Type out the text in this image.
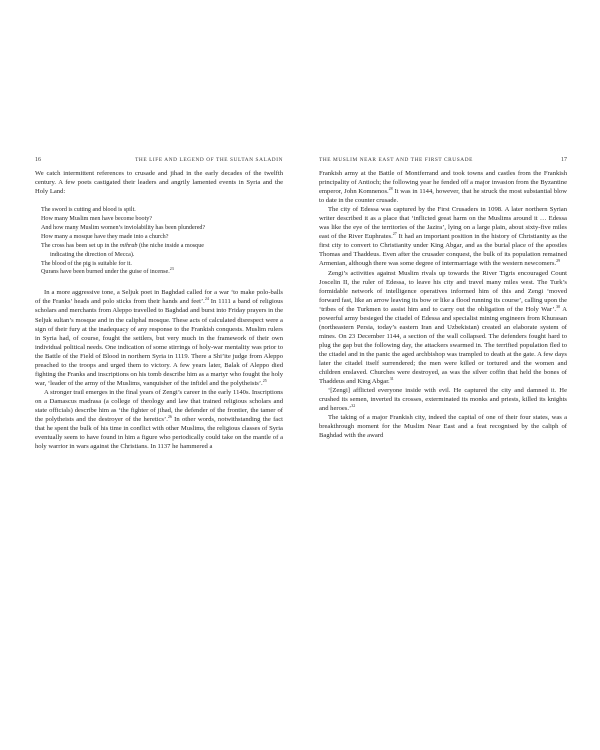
16	THE LIFE AND LEGEND OF THE SULTAN SALADIN

We catch intermittent references to crusade and jihad in the early decades of the twelfth century. A few poets castigated their leaders and angrily lamented events in Syria and the Holy Land:

The sword is cutting and blood is spilt.
How many Muslim men have become booty?
And how many Muslim women’s inviolability has been plundered?
How many a mosque have they made into a church?
The cross has been set up in the mihrab (the niche inside a mosque
indicating the direction of Mecca).
The blood of the pig is suitable for it.
Qurans have been burned under the guise of incense.$^{23}$

In a more aggressive tone, a Seljuk poet in Baghdad called for a war ‘to make polo-balls of the Franks’ heads and polo sticks from their hands and feet’.$^{24}$ In 1111 a band of religious scholars and merchants from Aleppo travelled to Baghdad and burst into Friday prayers in the Seljuk sultan’s mosque and in the caliphal mosque. These acts of calculated disrespect were a sign of their fury at the inadequacy of any response to the Frankish conquests. Muslim rulers in Syria had, of course, fought the settlers, but very much in the framework of their own individual political needs. One indication of some stirrings of holy-war mentality was prior to the Battle of the Field of Blood in northern Syria in 1119. There a Shi’ite judge from Aleppo preached to the troops and urged them to victory. A few years later, Balak of Aleppo died fighting the Franks and inscriptions on his tomb describe him as a martyr who fought the holy war, ‘leader of the army of the Muslims, vanquisher of the infidel and the polytheists’.$^{25}$

A stronger trail emerges in the final years of Zengi’s career in the early 1140s. Inscriptions on a Damascus madrasa (a college of theology and law that trained religious scholars and state officials) describe him as ‘the fighter of jihad, the defender of the frontier, the tamer of the polytheists and the destroyer of the heretics’.$^{26}$ In other words, notwithstanding the fact that he spent the bulk of his time in conflict with other Muslims, the religious classes of Syria eventually seem to have found in him a figure who periodically could take on the mantle of a holy warrior in wars against the Christians. In 1137 he hammered a

THE MUSLIM NEAR EAST AND THE FIRST CRUSADE	17

Frankish army at the Battle of Montferrand and took towns and castles from the Frankish principality of Antioch; the following year he fended off a major invasion from the Byzantine emperor, John Komnenos.$^{28}$ It was in 1144, however, that he struck the most substantial blow to date in the counter crusade.

The city of Edessa was captured by the First Crusaders in 1098. A later northern Syrian writer described it as a place that ‘inflicted great harm on the Muslims around it … Edessa was like the eye of the territories of the Jazira’, lying on a large plain, about sixty-five miles east of the River Euphrates.$^{27}$ It had an important position in the history of Christianity as the first city to convert to Christianity under King Abgar, and as the burial place of the apostles Thomas and Thaddeus. Even after the crusader conquest, the bulk of its population remained Armenian, although there was some degree of intermarriage with the western newcomers.$^{29}$

Zengi’s activities against Muslim rivals up towards the River Tigris encouraged Count Joscelin II, the ruler of Edessa, to leave his city and travel many miles west. The Turk’s formidable network of intelligence operatives informed him of this and Zengi ‘moved forward fast, like an arrow leaving its bow or like a flood running its course’, calling upon the ‘tribes of the Turkmen to assist him and to carry out the obligation of the Holy War’.$^{30}$ A powerful army besieged the citadel of Edessa and specialist mining engineers from Khurasan (northeastern Persia, today’s eastern Iran and Uzbekistan) created an elaborate system of mines. On 23 December 1144, a section of the wall collapsed. The defenders fought hard to plug the gap but the following day, the attackers swarmed in. The terrified population fled to the citadel and in the panic the aged archbishop was trampled to death at the gate. A few days later the citadel itself surrendered; the men were killed or tortured and the women and children enslaved. Churches were destroyed, as was the silver coffin that held the bones of Thaddeus and King Abgar.$^{31}$

‘[Zengi] afflicted everyone inside with evil. He captured the city and damned it. He crushed its semen, inverted its crosses, exterminated its monks and priests, killed its knights and heroes.’$^{32}$

The taking of a major Frankish city, indeed the capital of one of their four states, was a breakthrough moment for the Muslim Near East and a feat recognised by the caliph of Baghdad with the award
